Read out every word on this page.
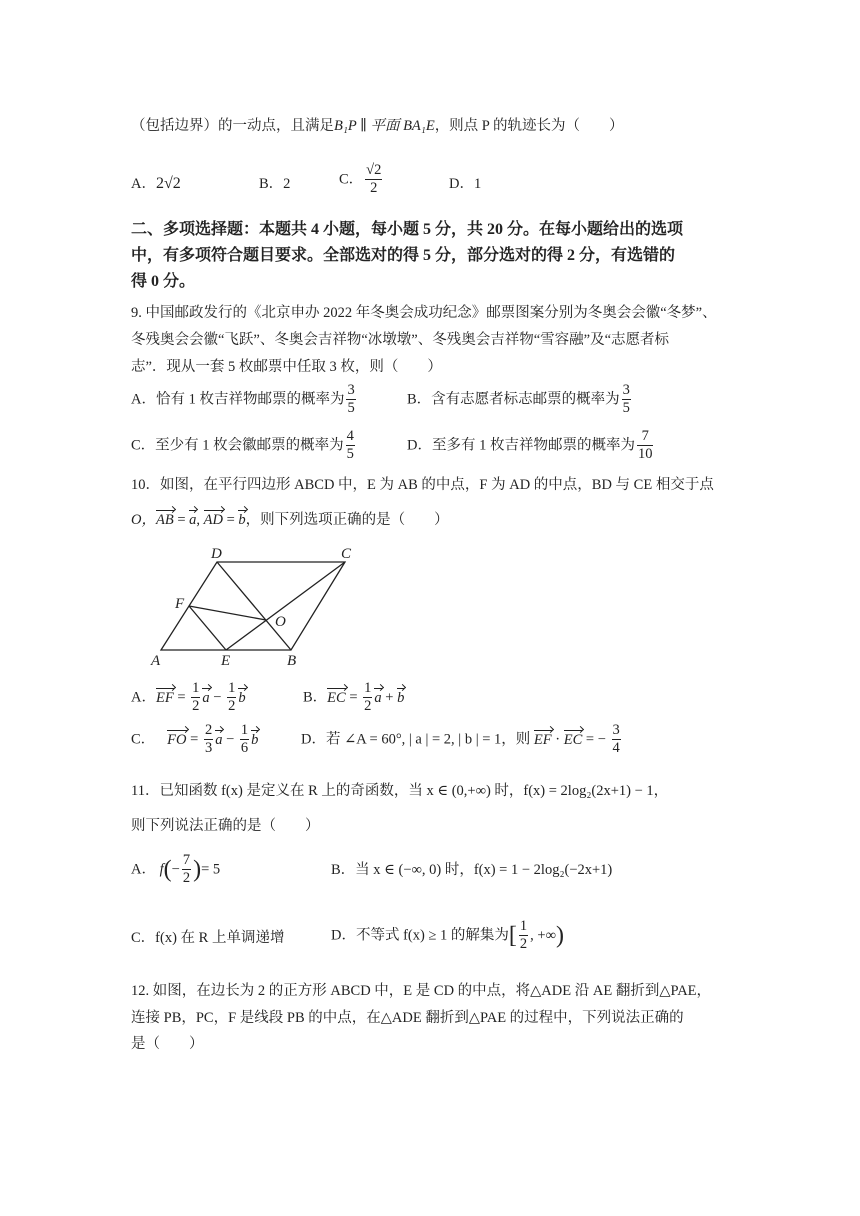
（包括边界）的一动点，且满足B₁P ∥ 平面 BA₁E，则点 P 的轨迹长为（　　）
A．2√2	B．2	C． $\frac{√2}{2}$	D．1
二、多项选择题：本题共 4 小题，每小题 5 分，共 20 分。在每小题给出的选项
中，有多项符合题目要求。全部选对的得 5 分，部分选对的得 2 分，有选错的
得 0 分。
9. 中国邮政发行的《北京申办 2022 年冬奥会成功纪念》邮票图案分别为冬奥会会徽“冬梦”、
冬残奥会会徽“飞跃”、冬奥会吉祥物“冰墩墩”、冬残奥会吉祥物“雪容融”及“志愿者标
志”．现从一套 5 枚邮票中任取 3 枚，则（　　）
A．恰有 1 枚吉祥物邮票的概率为 $\frac{3}{5}$	B．含有志愿者标志邮票的概率为 $\frac{3}{5}$
C．至少有 1 枚会徽邮票的概率为 $\frac{4}{5}$	D．至多有 1 枚吉祥物邮票的概率为 $\frac{7}{10}$
10．如图，在平行四边形 ABCD 中，E 为 AB 的中点，F 为 AD 的中点，BD 与 CE 相交于点
O，AB = a, AD = b，则下列选项正确的是（　　）
A	B
C
D
E
F
O
A．EF = $\frac{1}{2}$ $a - \frac{1}{2}$ b	B．EC = $\frac{1}{2}$ a + b
C． FO = $\frac{2}{3}$ $a - \frac{1}{6}$ b	D．若 ∠A = 60°, | a | = 2, | b | = 1，则 EF · EC = − $\frac{3}{4}$
11．已知函数 f(x) 是定义在 R 上的奇函数，当 x ∈ (0,+∞) 时，f(x) = 2log₂(2x+1) − 1，
则下列说法正确的是（　　）
A． $f(- \frac{7}{2}$ )= 5	B．当 x ∈ (−∞, 0) 时，f(x) = 1 − 2log₂(−2x+1)
C．f(x) 在 R 上单调递增	D．不等式 f(x) ≥ 1 的解集为[ $\frac{1}{2}$ , +∞)
12. 如图，在边长为 2 的正方形 ABCD 中，E 是 CD 的中点，将△ADE 沿 AE 翻折到△PAE，
连接 PB，PC，F 是线段 PB 的中点，在△ADE 翻折到△PAE 的过程中，下列说法正确的
是（　　）
